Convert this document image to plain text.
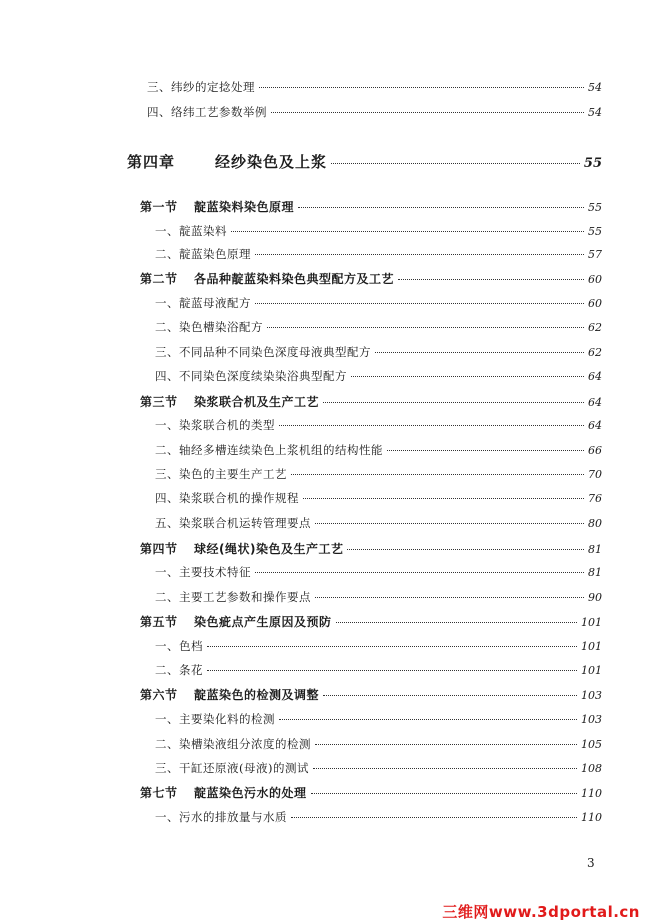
三、纬纱的定捻处理	54
四、络纬工艺参数举例	54
第四章	经纱染色及上浆	55
第一节 靛蓝染料染色原理	55
一、靛蓝染料	55
二、靛蓝染色原理	57
第二节 各品种靛蓝染料染色典型配方及工艺	60
一、靛蓝母液配方	60
二、染色槽染浴配方	62
三、不同品种不同染色深度母液典型配方	62
四、不同染色深度续染染浴典型配方	64
第三节 染浆联合机及生产工艺	64
一、染浆联合机的类型	64
二、轴经多槽连续染色上浆机组的结构性能	66
三、染色的主要生产工艺	70
四、染浆联合机的操作规程	76
五、染浆联合机运转管理要点	80
第四节 球经(绳状)染色及生产工艺	81
一、主要技术特征	81
二、主要工艺参数和操作要点	90
第五节 染色疵点产生原因及预防	101
一、色档	101
二、条花	101
第六节 靛蓝染色的检测及调整	103
一、主要染化料的检测	103
二、染槽染液组分浓度的检测	105
三、干缸还原液(母液)的测试	108
第七节 靛蓝染色污水的处理	110
一、污水的排放量与水质	110
3
三维网www.3dportal.cn
